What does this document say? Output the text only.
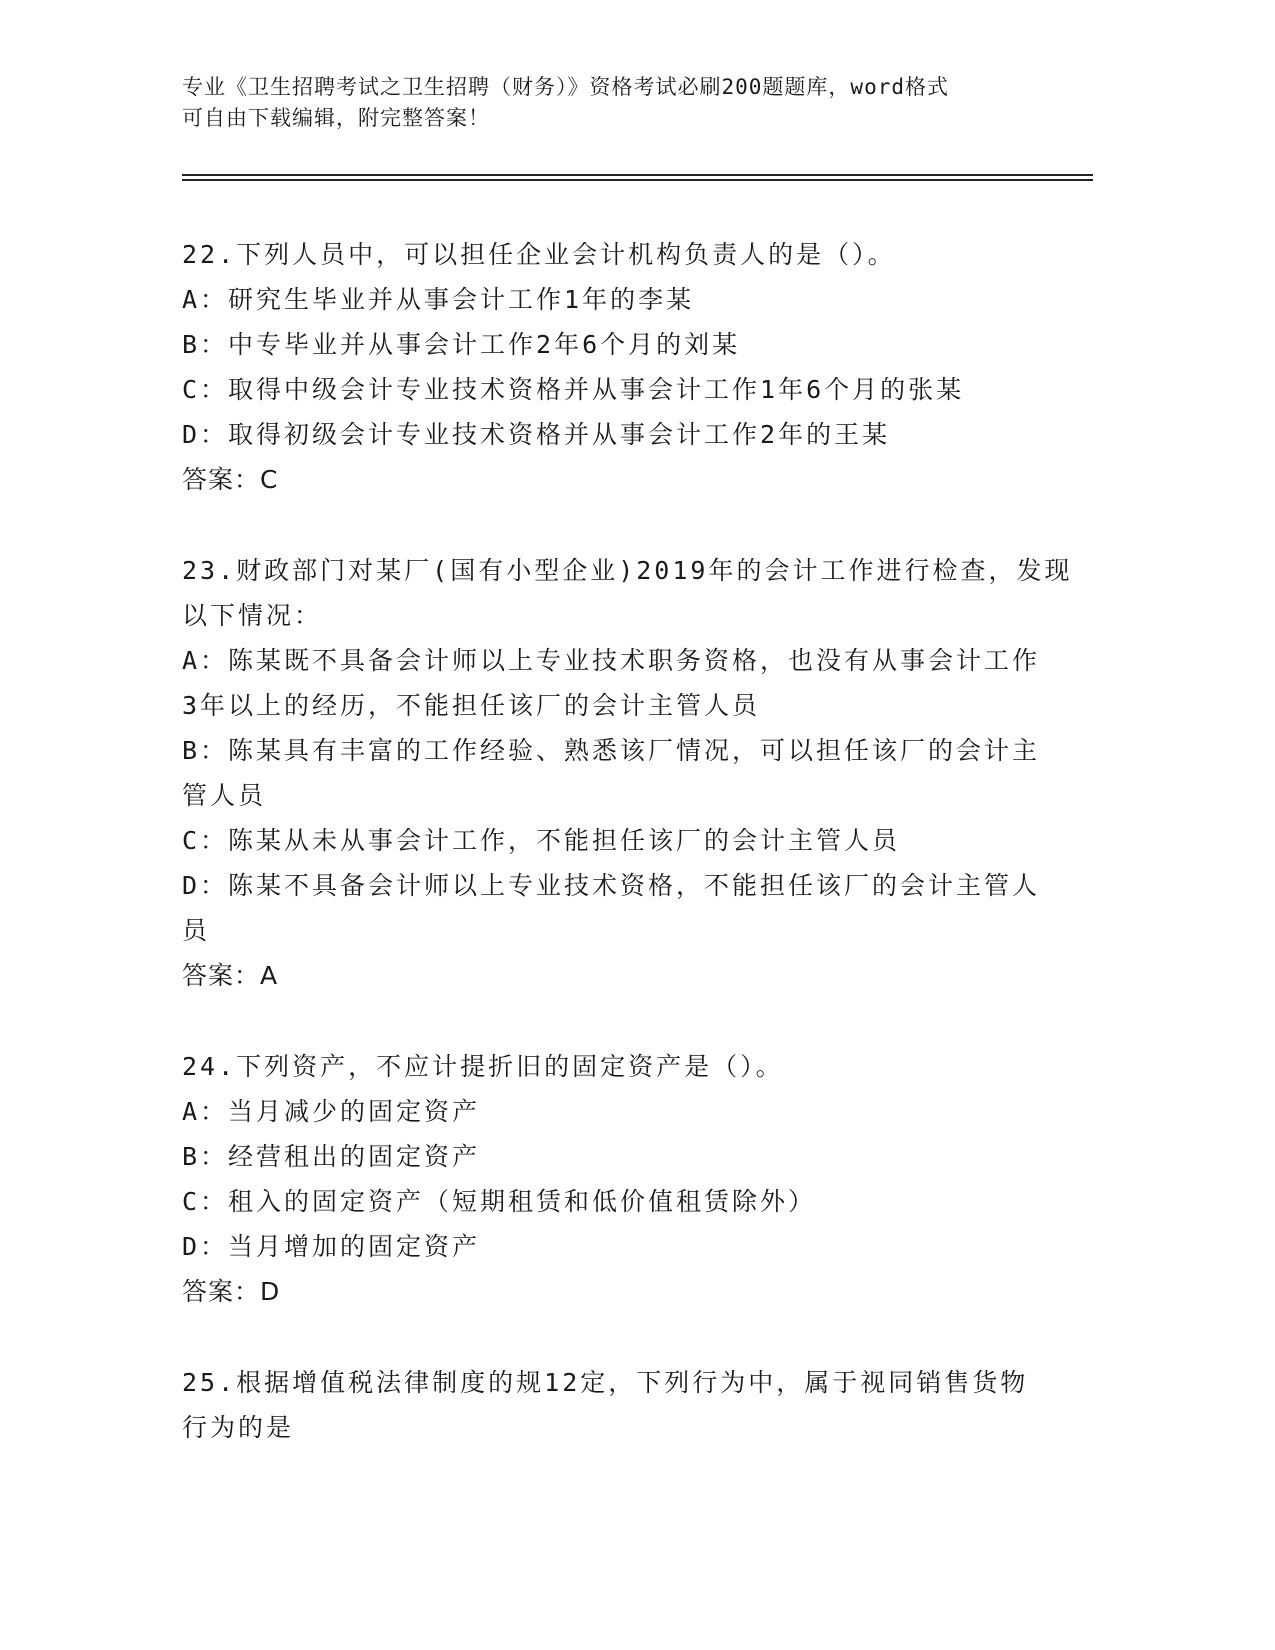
专业《卫生招聘考试之卫生招聘（财务）》资格考试必刷200题题库，word格式
可自由下载编辑，附完整答案！
22.下列人员中，可以担任企业会计机构负责人的是（）。
A：研究生毕业并从事会计工作1年的李某
B：中专毕业并从事会计工作2年6个月的刘某
C：取得中级会计专业技术资格并从事会计工作1年6个月的张某
D：取得初级会计专业技术资格并从事会计工作2年的王某
答案：C
23.财政部门对某厂(国有小型企业)2019年的会计工作进行检查，发现
以下情况：
A：陈某既不具备会计师以上专业技术职务资格，也没有从事会计工作
3年以上的经历，不能担任该厂的会计主管人员
B：陈某具有丰富的工作经验、熟悉该厂情况，可以担任该厂的会计主
管人员
C：陈某从未从事会计工作，不能担任该厂的会计主管人员
D：陈某不具备会计师以上专业技术资格，不能担任该厂的会计主管人
员
答案：A
24.下列资产，不应计提折旧的固定资产是（）。
A：当月减少的固定资产
B：经营租出的固定资产
C：租入的固定资产（短期租赁和低价值租赁除外）
D：当月增加的固定资产
答案：D
25.根据增值税法律制度的规12定，下列行为中，属于视同销售货物
行为的是
